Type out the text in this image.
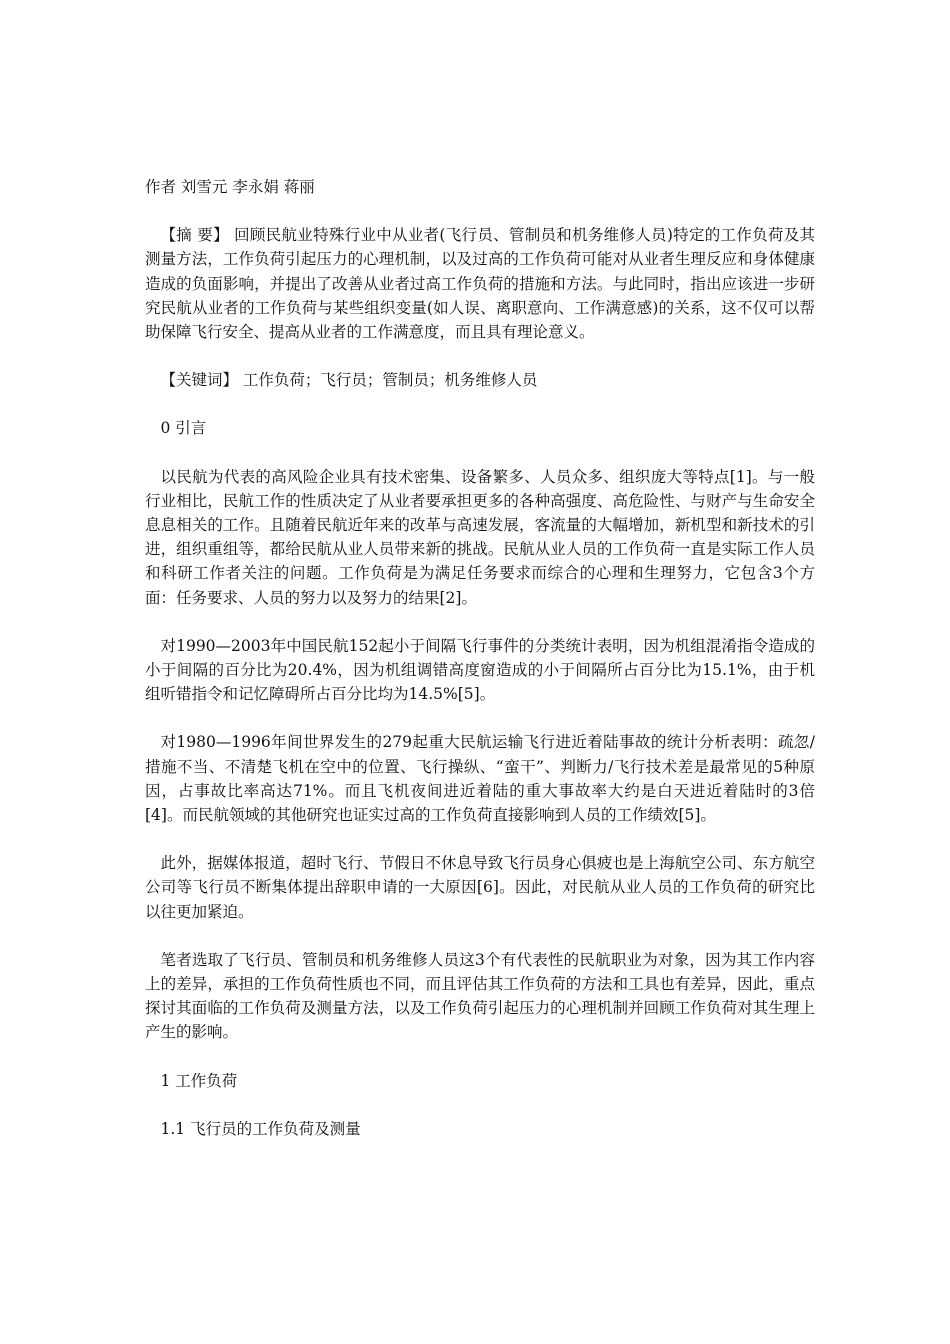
作者 刘雪元 李永娟 蒋丽

【摘 要】 回顾民航业特殊行业中从业者(飞行员、管制员和机务维修人员)特定的工作负荷及其测量方法，工作负荷引起压力的心理机制，以及过高的工作负荷可能对从业者生理反应和身体健康造成的负面影响，并提出了改善从业者过高工作负荷的措施和方法。与此同时，指出应该进一步研究民航从业者的工作负荷与某些组织变量(如人误、离职意向、工作满意感)的关系，这不仅可以帮助保障飞行安全、提高从业者的工作满意度，而且具有理论意义。

【关键词】 工作负荷；飞行员；管制员；机务维修人员

0 引言

以民航为代表的高风险企业具有技术密集、设备繁多、人员众多、组织庞大等特点[1]。与一般行业相比，民航工作的性质决定了从业者要承担更多的各种高强度、高危险性、与财产与生命安全息息相关的工作。且随着民航近年来的改革与高速发展，客流量的大幅增加，新机型和新技术的引进，组织重组等，都给民航从业人员带来新的挑战。民航从业人员的工作负荷一直是实际工作人员和科研工作者关注的问题。工作负荷是为满足任务要求而综合的心理和生理努力，它包含3个方面：任务要求、人员的努力以及努力的结果[2]。

对1990—2003年中国民航152起小于间隔飞行事件的分类统计表明，因为机组混淆指令造成的小于间隔的百分比为20.4%，因为机组调错高度窗造成的小于间隔所占百分比为15.1%，由于机组听错指令和记忆障碍所占百分比均为14.5%[5]。

对1980—1996年间世界发生的279起重大民航运输飞行进近着陆事故的统计分析表明：疏忽/措施不当、不清楚飞机在空中的位置、飞行操纵、“蛮干”、判断力/飞行技术差是最常见的5种原因，占事故比率高达71%。而且飞机夜间进近着陆的重大事故率大约是白天进近着陆时的3倍[4]。而民航领域的其他研究也证实过高的工作负荷直接影响到人员的工作绩效[5]。

此外，据媒体报道，超时飞行、节假日不休息导致飞行员身心俱疲也是上海航空公司、东方航空公司等飞行员不断集体提出辞职申请的一大原因[6]。因此，对民航从业人员的工作负荷的研究比以往更加紧迫。

笔者选取了飞行员、管制员和机务维修人员这3个有代表性的民航职业为对象，因为其工作内容上的差异，承担的工作负荷性质也不同，而且评估其工作负荷的方法和工具也有差异，因此，重点探讨其面临的工作负荷及测量方法，以及工作负荷引起压力的心理机制并回顾工作负荷对其生理上产生的影响。

1 工作负荷

1.1 飞行员的工作负荷及测量
